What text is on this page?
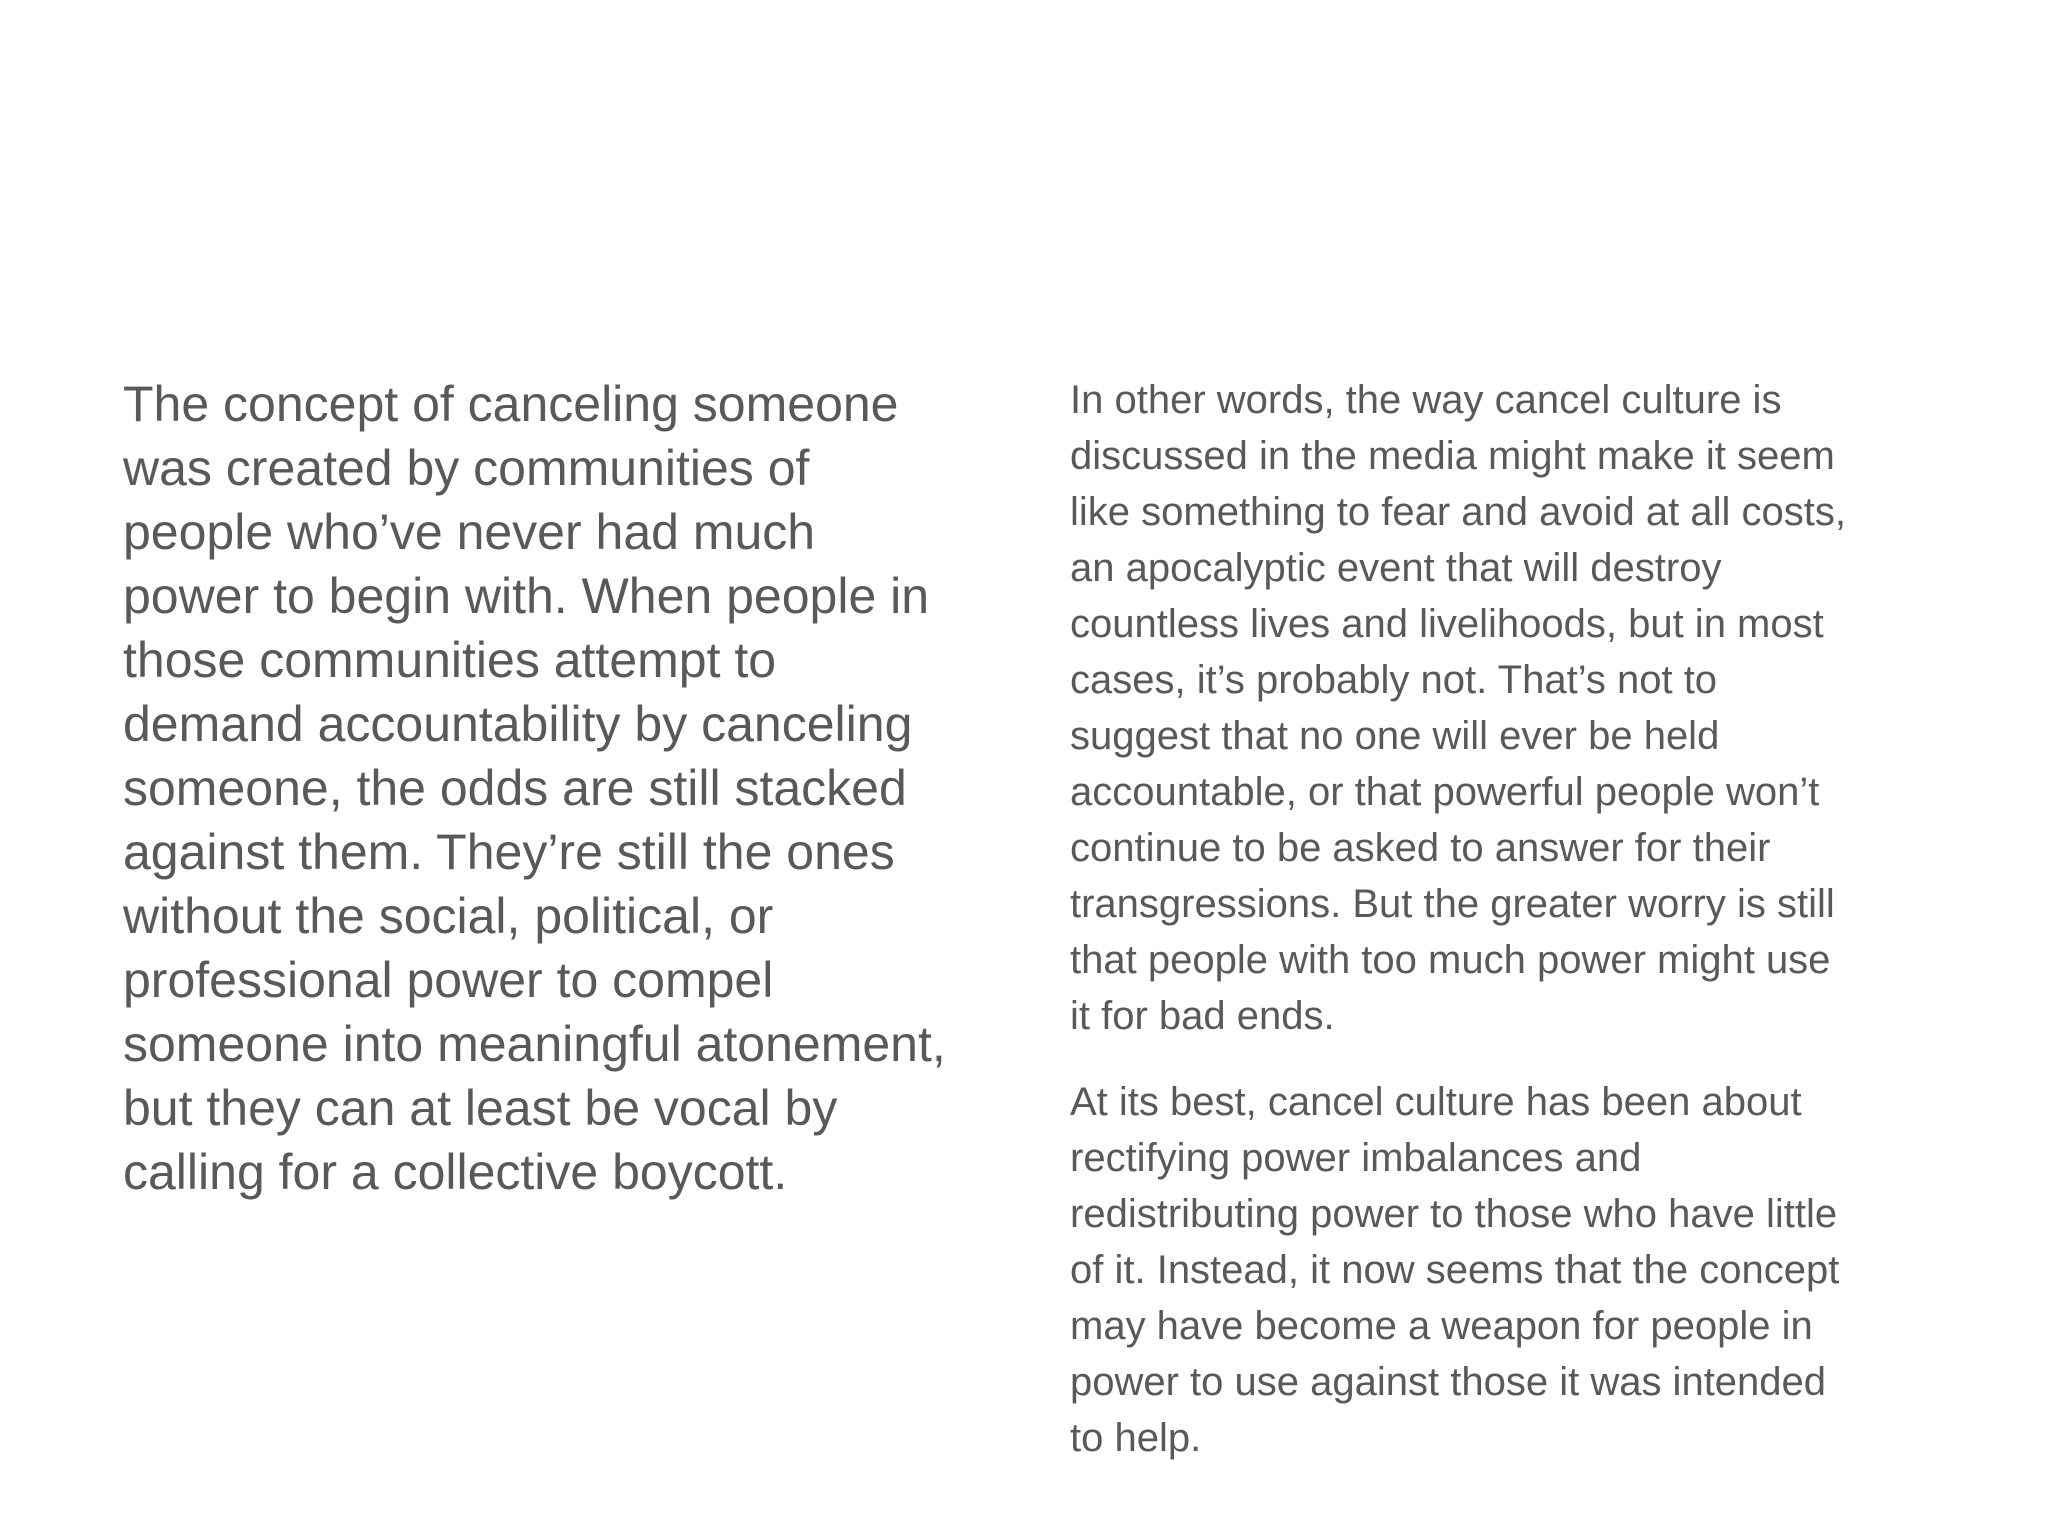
The concept of canceling someone
was created by communities of
people who’ve never had much
power to begin with. When people in
those communities attempt to
demand accountability by canceling
someone, the odds are still stacked
against them. They’re still the ones
without the social, political, or
professional power to compel
someone into meaningful atonement,
but they can at least be vocal by
calling for a collective boycott.

In other words, the way cancel culture is
discussed in the media might make it seem
like something to fear and avoid at all costs,
an apocalyptic event that will destroy
countless lives and livelihoods, but in most
cases, it’s probably not. That’s not to
suggest that no one will ever be held
accountable, or that powerful people won’t
continue to be asked to answer for their
transgressions. But the greater worry is still
that people with too much power might use
it for bad ends.

At its best, cancel culture has been about
rectifying power imbalances and
redistributing power to those who have little
of it. Instead, it now seems that the concept
may have become a weapon for people in
power to use against those it was intended
to help.
